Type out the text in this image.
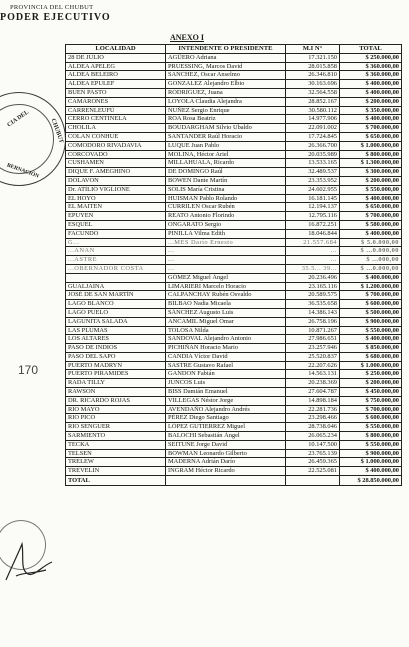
PROVINCIA DEL CHUBUT
PODER EJECUTIVO
ANEXO I
CIA DEL	CHUBUT
BERNACIÓN
170
LOCALIDAD	INTENDENTE O PRESIDENTE	M.I N°	TOTAL
28 DE JULIO	AGÜERO Adriana	17.321.150	$ 250.000,00
ALDEA APELEG	PRUESSING, Marcos David	28.015.858	$ 360.000,00
ALDEA BELEIRO	SANCHEZ, Oscar Anselmo	26.346.810	$ 360.000,00
ALDEA EPULEF	GONZALEZ Alejandro Elbio	30.163.696	$ 400.000,00
BUEN PASTO	RODRIGUEZ, Juana	32.564.558	$ 400.000,00
CAMARONES	LOYOLA Claudia Alejandra	28.852.167	$ 200.000,00
CARRENLEUFÚ	NUÑEZ Sergio Enrique	30.580.112	$ 350.000,00
CERRO CENTINELA	ROA Rosa Beatriz	14.977.906	$ 400.000,00
CHOLILA	BOUDARGHAM Silvio Ubaldo	22.091.002	$ 700.000,00
COLAN CONHUE	SANTANDER Raúl Horacio	17.724.845	$ 650.000,00
COMODORO RIVADAVIA	LUQUE Juan Pablo	26.366.700	$ 1.000.000,00
CORCOVADO	MOLINA, Héctor Ariel	20.035.989	$ 800.000,00
CUSHAMEN	MILLAHUALA, Ricardo	13.533.165	$ 1.300.000,00
DIQUE F. AMEGHINO	DE DOMINGO Raúl	32.489.537	$ 300.000,00
DOLAVON	BOWEN Dante Martín	23.353.952	$ 200.000,00
Dr. ATILIO VIGLIONE	SOLIS María Cristina	24.602.955	$ 550.000,00
EL HOYO	HUISMAN Pablo Rolando	16.181.145	$ 400.000,00
EL MAITEN	CURRILEN Oscar Rubén	12.194.137	$ 650.000,00
EPUYEN	REATO Antonio Florindo	12.795.116	$ 700.000,00
ESQUEL	ONGARATO Sergio	16.872.251	$ 580.000,00
FACUNDO	PINILLA Vilma Edith	18.046.844	$ 400.000,00
G...	...MES Darío Ernesto	21.557.684	$ 5.0.000,00
...ANAN	...	...	$ ...0.000,00
...ASTRE	...	...	$ ...000,00
...OBERNADOR COSTA	...	35.5... 39...	$ ...0.000,00
	GÓMEZ Miguel Ángel	20.236.496	$ 400.000,00
GUALJAINA	LIMARIERI Marcelo Horacio	23.165.116	$ 1.200.000,00
JOSÉ DE SAN MARTÍN	CALPANCHAY Rubén Osvaldo	20.589.575	$ 700.000,00
LAGO BLANCO	BILBAO Nadia Micaela	36.535.658	$ 600.000,00
LAGO PUELO	SÁNCHEZ Augusto Luis	14.386.143	$ 500.000,00
LAGUNITA SALADA	ANCAMIL Miguel Omar	26.758.196	$ 900.000,00
LAS PLUMAS	TOLOSA Nilda	10.871.267	$ 550.000,00
LOS ALTARES	SANDOVAL Alejandro Antonio	27.986.651	$ 400.000,00
PASO DE INDIOS	PICHIÑAN Horacio Mario	23.257.946	$ 850.000,00
PASO DEL SAPO	CANDIA Víctor David	25.520.837	$ 680.000,00
PUERTO MADRYN	SASTRE Gustavo Rafael	22.207.626	$ 1.000.000,00
PUERTO PIRAMIDES	GANDON Fabián	14.563.131	$ 250.000,00
RADA TILLY	JUNCOS Luis	20.238.369	$ 200.000,00
RAWSON	BISS Damián Emanuel	27.604.787	$ 450.000,00
DR. RICARDO ROJAS	VILLEGAS Néstor Jorge	14.898.184	$ 750.000,00
RIO MAYO	AVENDAÑO Alejandro Andrés	22.281.736	$ 700.000,00
RIO PICO	PÉREZ Diego Santiago	23.298.466	$ 600.000,00
RIO SENGUER	LÓPEZ GUTIERREZ Miguel	28.738.046	$ 550.000,00
SARMIENTO	BALOCHI Sebastián Ángel	26.065.234	$ 800.000,00
TECKA	SEITUNE Jorge David	10.147.500	$ 550.000,00
TELSEN	BOWMAN Leonardo Gilberto	23.765.139	$ 900.000,00
TRELEW	MADERNA Adrián Darío	26.459.365	$ 1.000.000,00
TREVELIN	INGRAM Héctor Ricardo	22.525.081	$ 400.000,00
TOTAL			$ 28.850.000,00
